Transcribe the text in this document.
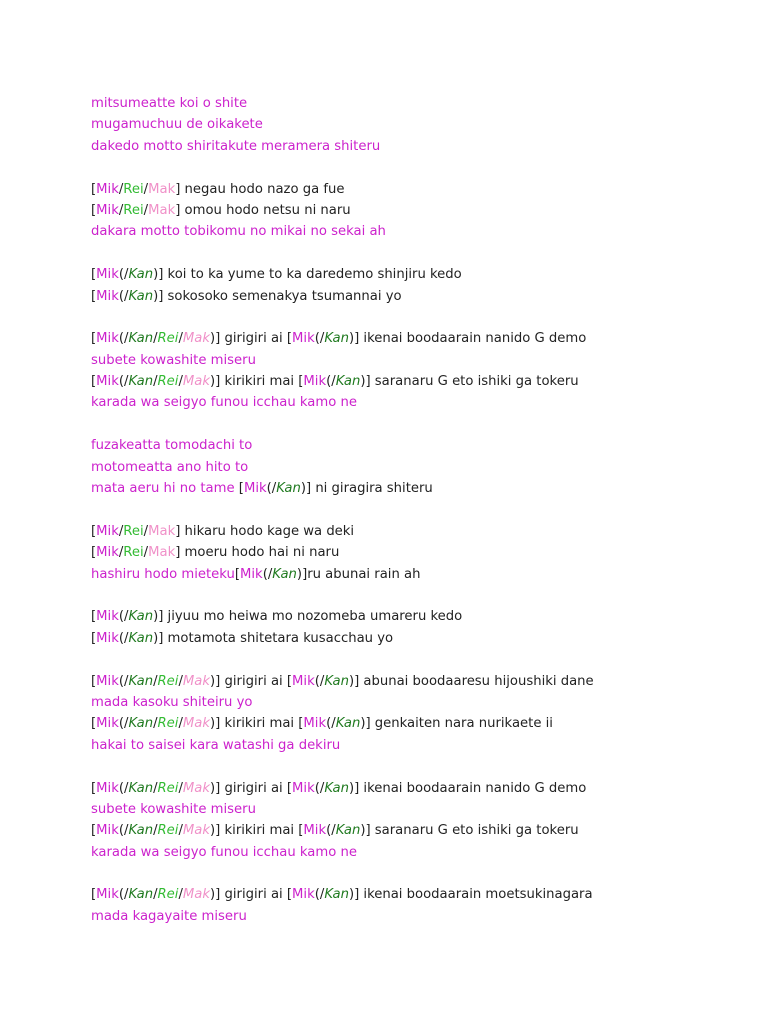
mitsumeatte koi o shite
mugamuchuu de oikakete
dakedo motto shiritakute meramera shiteru
[Mik/Rei/Mak] negau hodo nazo ga fue
[Mik/Rei/Mak] omou hodo netsu ni naru
dakara motto tobikomu no mikai no sekai ah
[Mik(/Kan)] koi to ka yume to ka daredemo shinjiru kedo
[Mik(/Kan)] sokosoko semenakya tsumannai yo
[Mik(/Kan/Rei/Mak)] girigiri ai [Mik(/Kan)] ikenai boodaarain nanido G demo
subete kowashite miseru
[Mik(/Kan/Rei/Mak)] kirikiri mai [Mik(/Kan)] saranaru G eto ishiki ga tokeru
karada wa seigyo funou icchau kamo ne
fuzakeatta tomodachi to
motomeatta ano hito to
mata aeru hi no tame [Mik(/Kan)] ni giragira shiteru
[Mik/Rei/Mak] hikaru hodo kage wa deki
[Mik/Rei/Mak] moeru hodo hai ni naru
hashiru hodo mieteku[Mik(/Kan)]ru abunai rain ah
[Mik(/Kan)] jiyuu mo heiwa mo nozomeba umareru kedo
[Mik(/Kan)] motamota shitetara kusacchau yo
[Mik(/Kan/Rei/Mak)] girigiri ai [Mik(/Kan)] abunai boodaaresu hijoushiki dane
mada kasoku shiteiru yo
[Mik(/Kan/Rei/Mak)] kirikiri mai [Mik(/Kan)] genkaiten nara nurikaete ii
hakai to saisei kara watashi ga dekiru
[Mik(/Kan/Rei/Mak)] girigiri ai [Mik(/Kan)] ikenai boodaarain nanido G demo
subete kowashite miseru
[Mik(/Kan/Rei/Mak)] kirikiri mai [Mik(/Kan)] saranaru G eto ishiki ga tokeru
karada wa seigyo funou icchau kamo ne
[Mik(/Kan/Rei/Mak)] girigiri ai [Mik(/Kan)] ikenai boodaarain moetsukinagara
mada kagayaite miseru
